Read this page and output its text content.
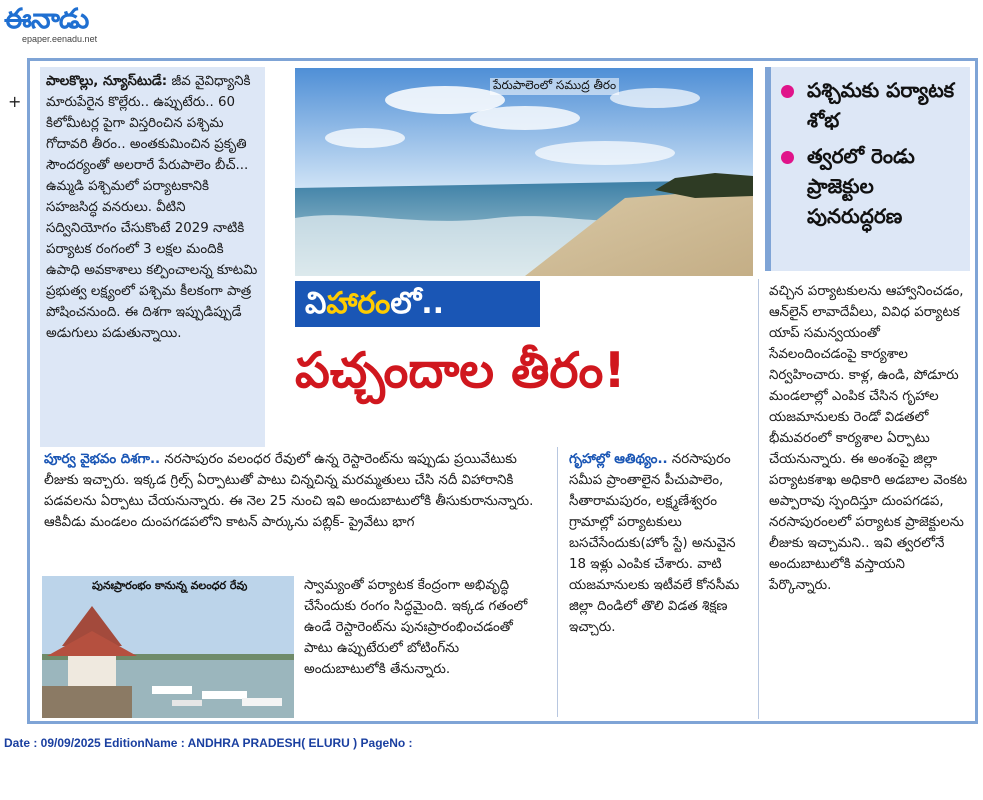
ఈనాడు
epaper.eenadu.net
+
పాలకొల్లు, న్యూస్‌టుడే: జీవ వైవిధ్యానికి మారుపేరైన కొల్లేరు.. ఉప్పుటేరు.. 60 కిలోమీటర్ల పైగా విస్తరించిన పశ్చిమ గోదావరి తీరం.. అంతకుమించిన ప్రకృతి సౌందర్యంతో అలరారే పేరుపాలెం బీచ్‌... ఉమ్మడి పశ్చిమలో పర్యాటకానికి సహజసిద్ధ వనరులు. వీటిని సద్వినియోగం చేసుకొంటే 2029 నాటికి పర్యాటక రంగంలో 3 లక్షల మందికి ఉపాధి అవకాశాలు కల్పించాలన్న కూటమి ప్రభుత్వ లక్ష్యంలో పశ్చిమ కీలకంగా పాత్ర పోషించనుంది. ఈ దిశగా ఇప్పుడిప్పుడే అడుగులు పడుతున్నాయి.
పేరుపాలెంలో సముద్ర తీరం
విహారంలో..
పచ్చందాల తీరం!
పశ్చిమకు పర్యాటక శోభ
త్వరలో రెండు ప్రాజెక్టుల పునరుద్ధరణ
వచ్చిన పర్యాటకులను ఆహ్వానించడం, ఆన్‌లైన్‌ లావాదేవీలు, వివిధ పర్యాటక యాప్‌ సమన్వయంతో సేవలందించడంపై కార్యశాల నిర్వహించారు. కాళ్ల, ఉండి, పోడూరు మండలాల్లో ఎంపిక చేసిన గృహాల యజమానులకు రెండో విడతలో భీమవరంలో కార్యశాల ఏర్పాటు చేయనున్నారు. ఈ అంశంపై జిల్లా పర్యాటకశాఖ అధికారి అడబాల వెంకట అప్పారావు స్పందిస్తూ దుంపగడప, నరసాపురంలలో పర్యాటక ప్రాజెక్టులను లీజుకు ఇచ్చామని.. ఇవి త్వరలోనే అందుబాటులోకి వస్తాయని పేర్కొన్నారు.
పూర్వ వైభవం దిశగా.. నరసాపురం వలంధర రేవులో ఉన్న రెస్టారెంట్‌ను ఇప్పుడు ప్రయివేటుకు లీజుకు ఇచ్చారు. ఇక్కడ గ్రిల్స్‌ ఏర్పాటుతో పాటు చిన్నచిన్న మరమ్మతులు చేసి నదీ విహారానికి పడవలను ఏర్పాటు చేయనున్నారు. ఈ నెల 25 నుంచి ఇవి అందుబాటులోకి తీసుకురానున్నారు. ఆకివీడు మండలం దుంపగడపలోని కాటన్‌ పార్కును పబ్లిక్‌- ప్రైవేటు భాగ
పునఃప్రారంభం కానున్న వలంధర రేవు	స్వామ్యంతో పర్యాటక కేంద్రంగా అభివృద్ధి చేసేందుకు రంగం సిద్ధమైంది. ఇక్కడ గతంలో ఉండే రెస్టారెంట్‌ను పునఃప్రారంభించడంతో పాటు ఉప్పుటేరులో బోటింగ్‌ను అందుబాటులోకి తేనున్నారు.
గృహాల్లో ఆతిథ్యం.. నరసాపురం సమీప ప్రాంతాలైన పీచుపాలెం, సీతారామపురం, లక్ష్మణేశ్వరం గ్రామాల్లో పర్యాటకులు బసచేసేందుకు(హోం స్టే) అనువైన 18 ఇళ్లు ఎంపిక చేశారు. వాటి యజమానులకు ఇటీవలే కోనసీమ జిల్లా దిండిలో తొలి విడత శిక్షణ ఇచ్చారు.
Date : 09/09/2025 EditionName : ANDHRA PRADESH( ELURU ) PageNo :
